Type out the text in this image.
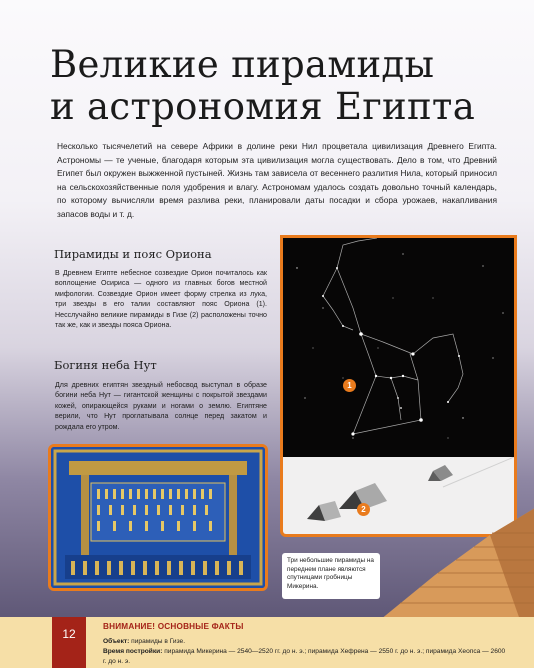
Великие пирамиды
и астрономия Египта
Несколько тысячелетий на севере Африки в долине реки Нил процветала цивилизация Древнего Египта. Астрономы — те ученые, благодаря которым эта цивилизация могла существовать. Дело в том, что Древний Египет был окружен выжженной пустыней. Жизнь там зависела от весеннего разлития Нила, который приносил на сельскохозяйственные поля удобрения и влагу. Астрономам удалось создать довольно точный календарь, по которому вычисляли время разлива реки, планировали даты посадки и сбора урожаев, накапливания запасов воды и т. д.
Пирамиды и пояс Ориона
В Древнем Египте небесное созвездие Орион почиталось как воплощение Осириса — одного из главных богов местной мифологии. Созвездие Орион имеет форму стрелка из лука, три звезды в его талии составляют пояс Ориона (1). Несслучайно великие пирамиды в Гизе (2) расположены точно так же, как и звезды пояса Ориона.
Богиня неба Нут
Для древних египтян звездный небосвод выступал в образе богини неба Нут — гигантской женщины с покрытой звездами кожей, опирающейся руками и ногами о землю. Египтяне верили, что Нут проглатывала солнце перед закатом и рождала его утром.
1
2
Три небольшие пирамиды на переднем плане являются спутницами гробницы Микерина.
12
ВНИМАНИЕ! ОСНОВНЫЕ ФАКТЫ
Объект: пирамиды в Гизе.
Время постройки: пирамида Микерина — 2540—2520 гг. до н. э.; пирамида Хефрена — 2550 г. до н. э.; пирамида Хеопса — 2600 г. до н. э.
